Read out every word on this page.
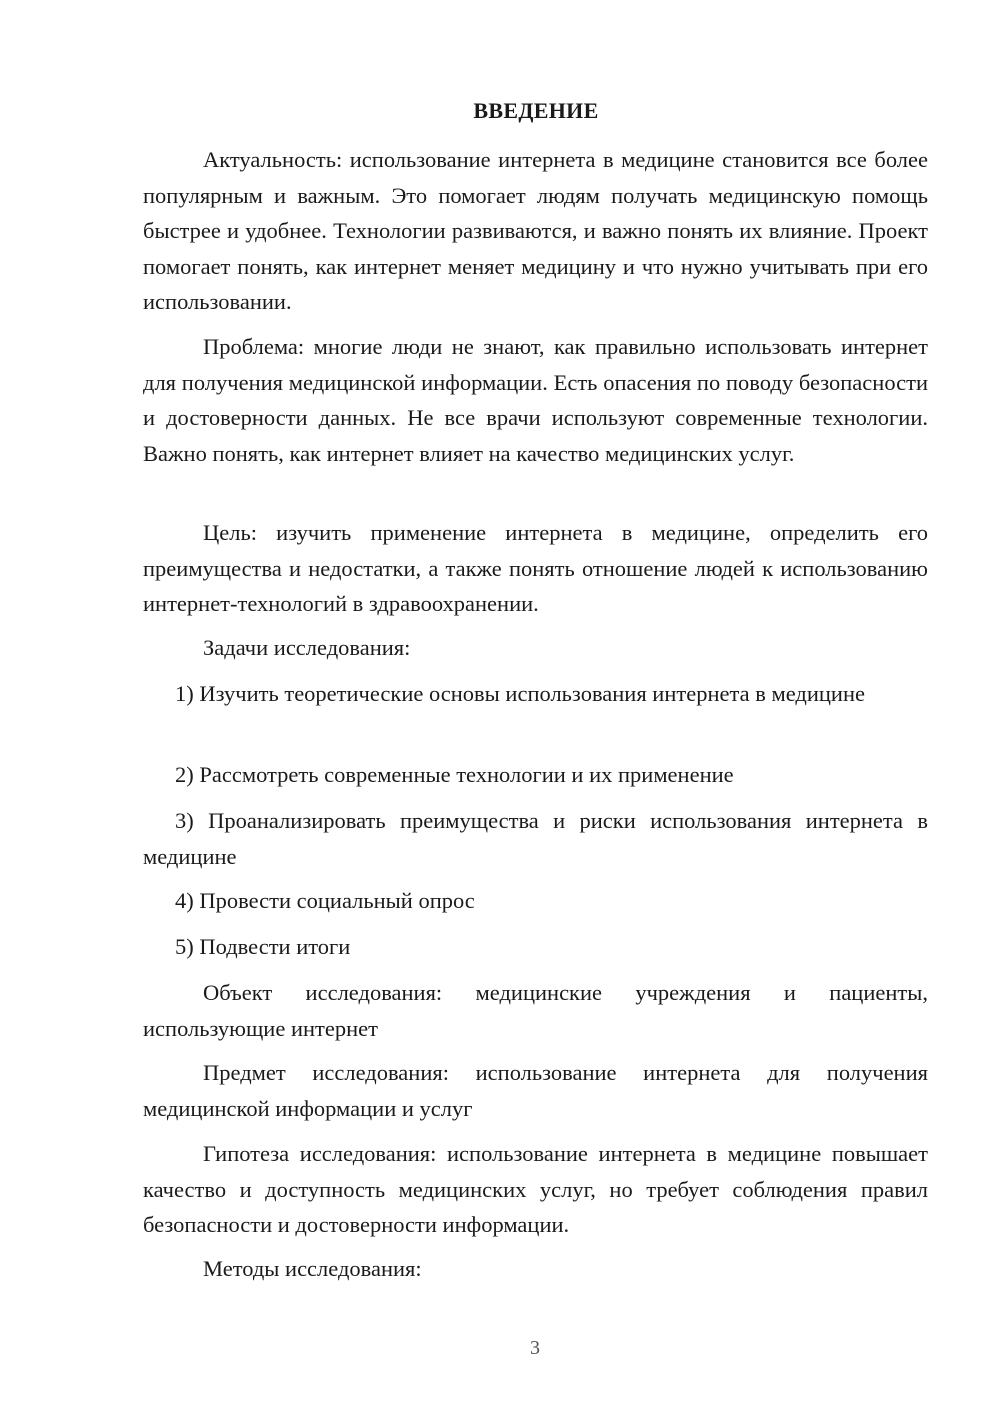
ВВЕДЕНИЕ

Актуальность: использование интернета в медицине становится все более популярным и важным. Это помогает людям получать медицинскую помощь быстрее и удобнее. Технологии развиваются, и важно понять их влияние. Проект помогает понять, как интернет меняет медицину и что нужно учитывать при его использовании.

Проблема: многие люди не знают, как правильно использовать интернет для получения медицинской информации. Есть опасения по поводу безопасности и достоверности данных. Не все врачи используют современные технологии. Важно понять, как интернет влияет на качество медицинских услуг.

Цель: изучить применение интернета в медицине, определить его преимущества и недостатки, а также понять отношение людей к использованию интернет-технологий в здравоохранении.

Задачи исследования:

1) Изучить теоретические основы использования интернета в медицине

2) Рассмотреть современные технологии и их применение

3) Проанализировать преимущества и риски использования интернета в медицине

4) Провести социальный опрос

5) Подвести итоги

Объект исследования: медицинские учреждения и пациенты, использующие интернет

Предмет исследования: использование интернета для получения медицинской информации и услуг

Гипотеза исследования: использование интернета в медицине повышает качество и доступность медицинских услуг, но требует соблюдения правил безопасности и достоверности информации.

Методы исследования:

3
